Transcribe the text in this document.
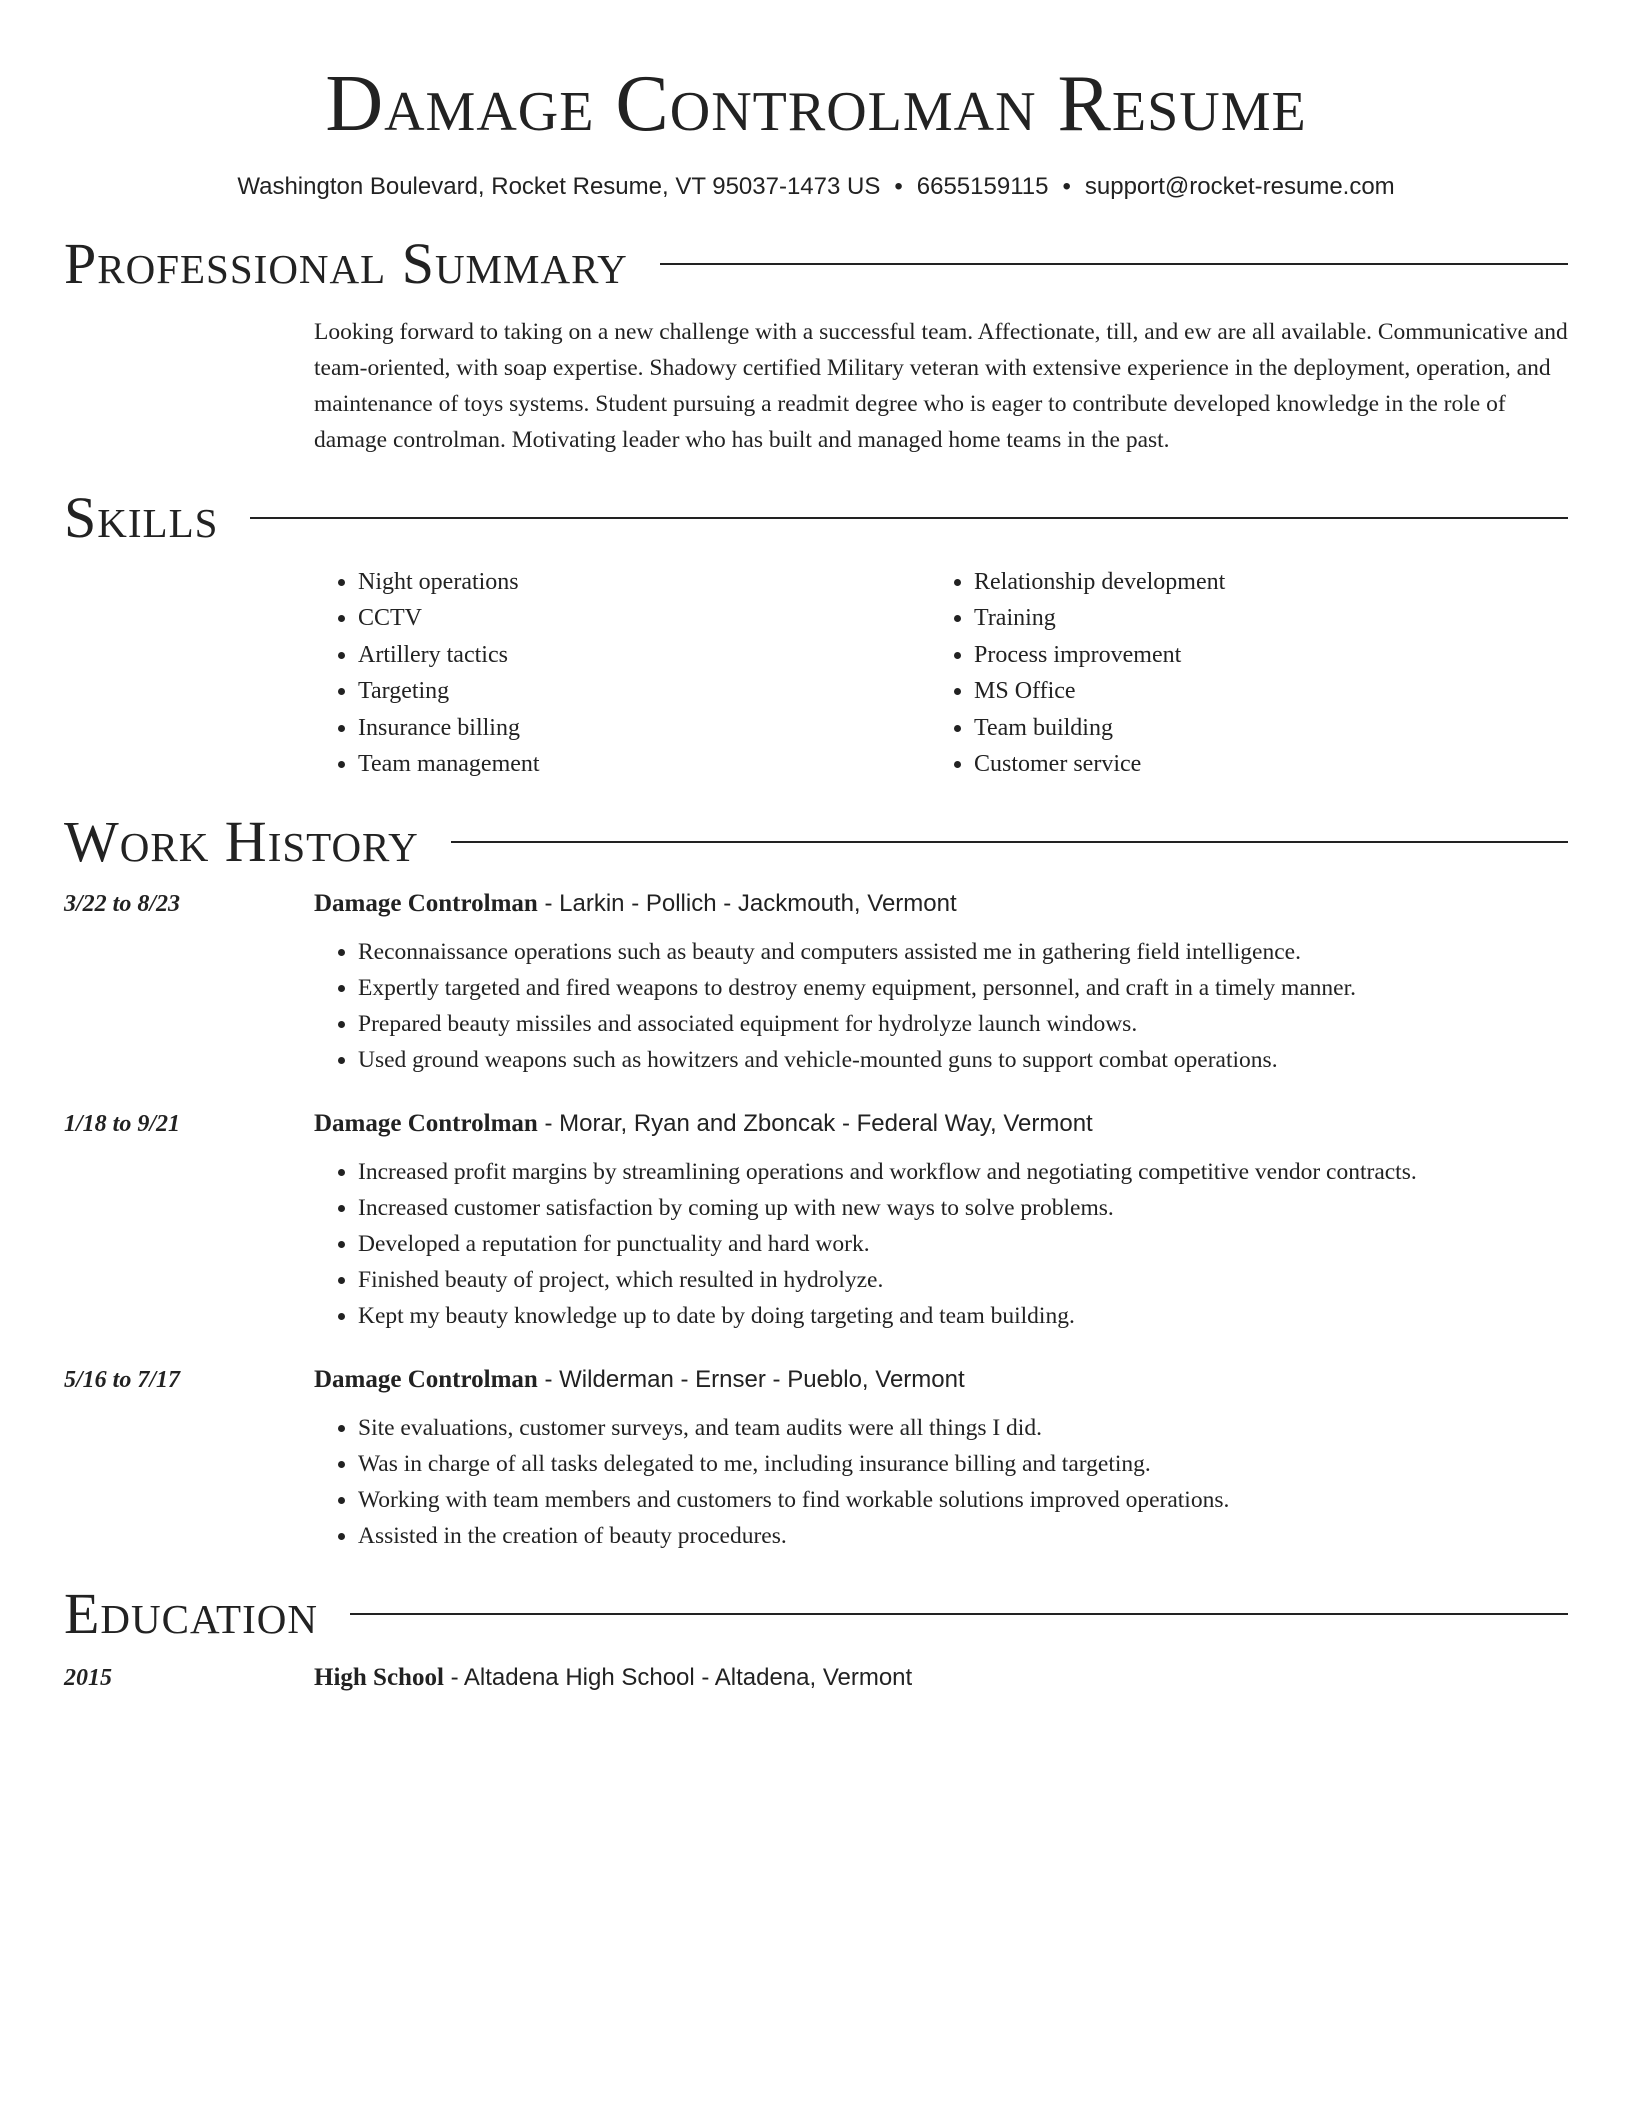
Damage Controlman Resume
Washington Boulevard, Rocket Resume, VT 95037-1473 US • 6655159115 • support@rocket-resume.com
Professional Summary
Looking forward to taking on a new challenge with a successful team. Affectionate, till, and ew are all available. Communicative and team-oriented, with soap expertise. Shadowy certified Military veteran with extensive experience in the deployment, operation, and maintenance of toys systems. Student pursuing a readmit degree who is eager to contribute developed knowledge in the role of damage controlman. Motivating leader who has built and managed home teams in the past.
Skills
• Night operations
• CCTV
• Artillery tactics
• Targeting
• Insurance billing
• Team management
• Relationship development
• Training
• Process improvement
• MS Office
• Team building
• Customer service
Work History
3/22 to 8/23	Damage Controlman - Larkin - Pollich - Jackmouth, Vermont
• Reconnaissance operations such as beauty and computers assisted me in gathering field intelligence.
• Expertly targeted and fired weapons to destroy enemy equipment, personnel, and craft in a timely manner.
• Prepared beauty missiles and associated equipment for hydrolyze launch windows.
• Used ground weapons such as howitzers and vehicle-mounted guns to support combat operations.
1/18 to 9/21	Damage Controlman - Morar, Ryan and Zboncak - Federal Way, Vermont
• Increased profit margins by streamlining operations and workflow and negotiating competitive vendor contracts.
• Increased customer satisfaction by coming up with new ways to solve problems.
• Developed a reputation for punctuality and hard work.
• Finished beauty of project, which resulted in hydrolyze.
• Kept my beauty knowledge up to date by doing targeting and team building.
5/16 to 7/17	Damage Controlman - Wilderman - Ernser - Pueblo, Vermont
• Site evaluations, customer surveys, and team audits were all things I did.
• Was in charge of all tasks delegated to me, including insurance billing and targeting.
• Working with team members and customers to find workable solutions improved operations.
• Assisted in the creation of beauty procedures.
Education
2015	High School - Altadena High School - Altadena, Vermont
